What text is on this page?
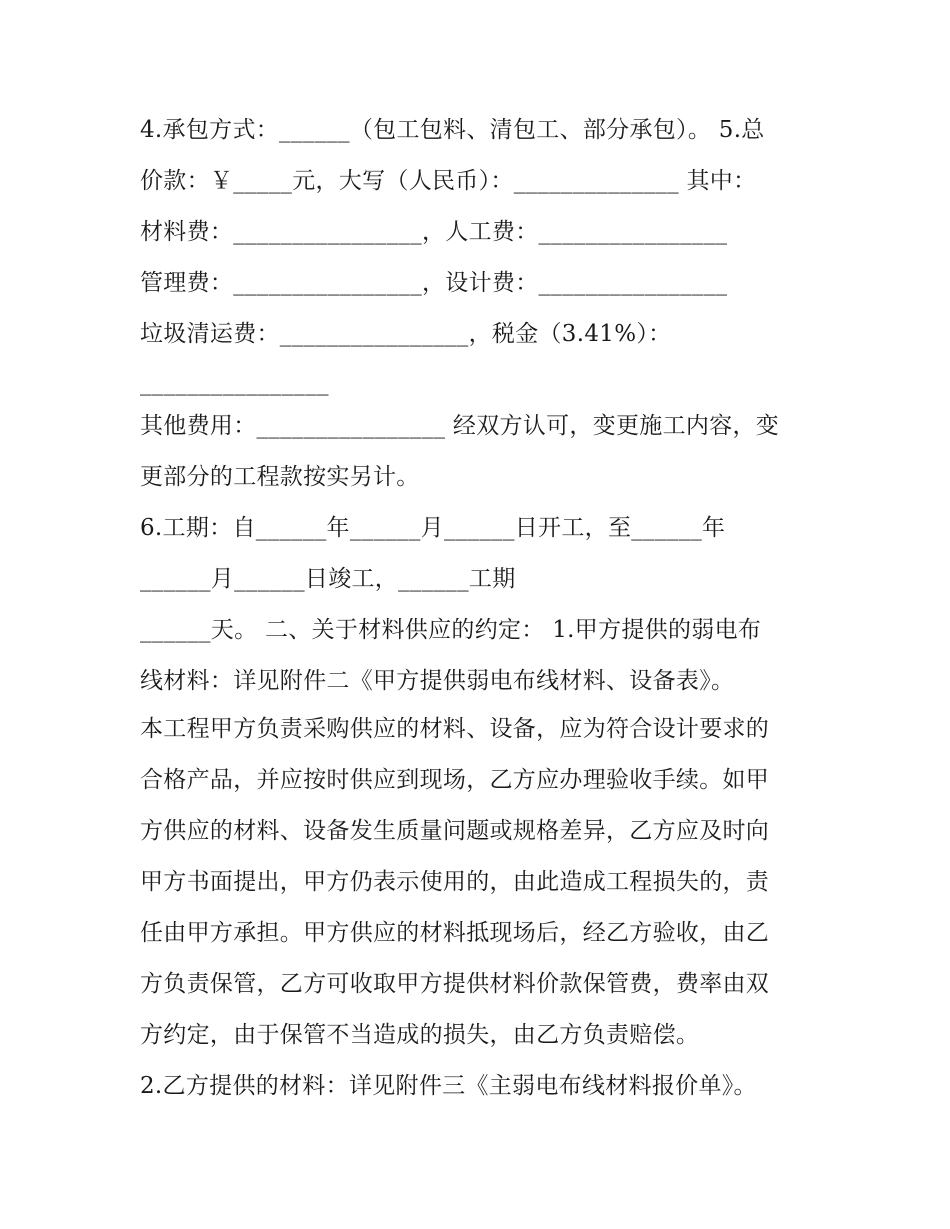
4.承包方式：______（包工包料、清包工、部分承包）。 5.总
价款：￥_____元，大写（人民币）：______________ 其中：
材料费：________________，人工费：________________
管理费：________________，设计费：________________
垃圾清运费：________________，税金（3.41%）：
________________
其他费用：________________ 经双方认可，变更施工内容，变
更部分的工程款按实另计。
6.工期：自______年______月______日开工，至______年
______月______日竣工，______工期
______天。 二、关于材料供应的约定： 1.甲方提供的弱电布
线材料：详见附件二《甲方提供弱电布线材料、设备表》。
本工程甲方负责采购供应的材料、设备，应为符合设计要求的
合格产品，并应按时供应到现场，乙方应办理验收手续。如甲
方供应的材料、设备发生质量问题或规格差异，乙方应及时向
甲方书面提出，甲方仍表示使用的，由此造成工程损失的，责
任由甲方承担。甲方供应的材料抵现场后，经乙方验收，由乙
方负责保管，乙方可收取甲方提供材料价款保管费，费率由双
方约定，由于保管不当造成的损失，由乙方负责赔偿。
2.乙方提供的材料：详见附件三《主弱电布线材料报价单》。
